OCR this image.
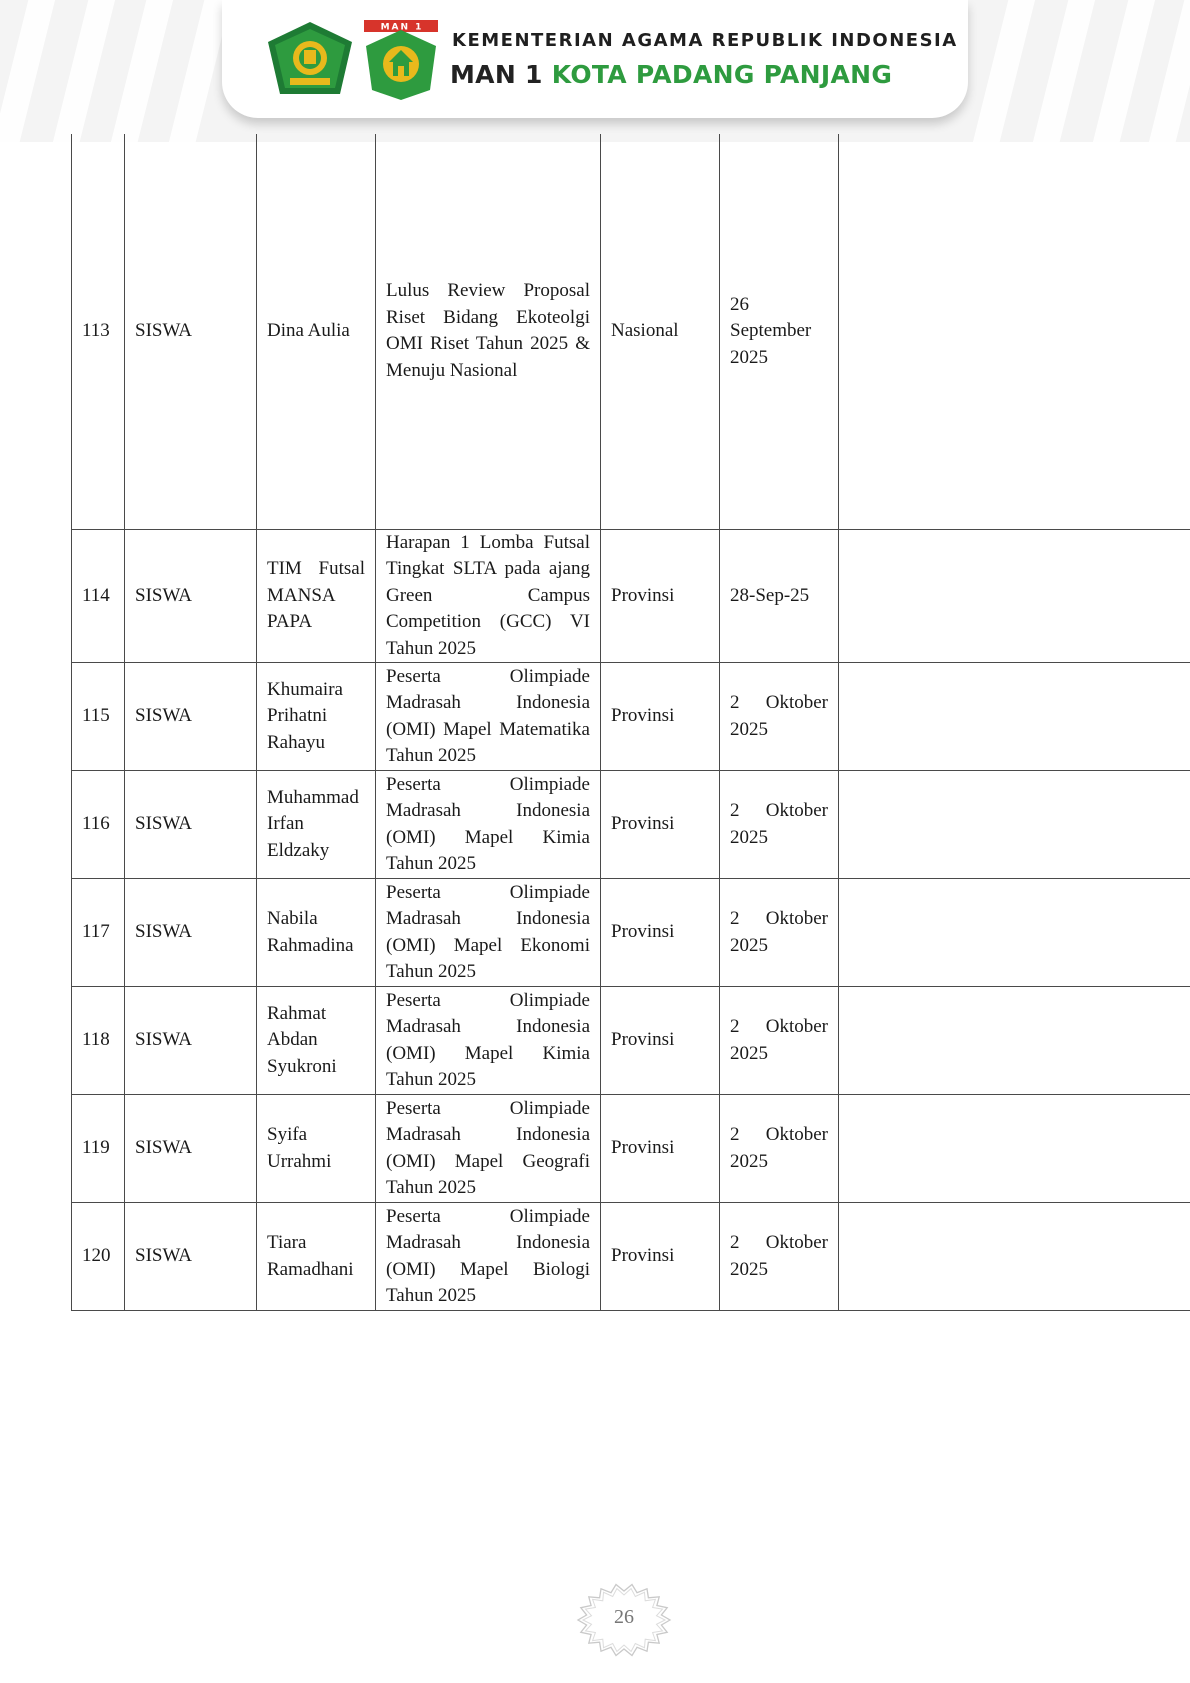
MAN 1
KEMENTERIAN AGAMA REPUBLIK INDONESIA
MAN 1 KOTA PADANG PANJANG
113	SISWA	Dina Aulia	Lulus Review Proposal Riset Bidang Ekoteolgi OMI Riset Tahun 2025 & Menuju Nasional	Nasional	26 September 2025	
114	SISWA	TIM Futsal MANSA PAPA	Harapan 1 Lomba Futsal Tingkat SLTA pada ajang Green Campus Competition (GCC) VI Tahun 2025	Provinsi	28-Sep-25	
115	SISWA	Khumaira Prihatni Rahayu	Peserta Olimpiade Madrasah Indonesia (OMI) Mapel Matematika Tahun 2025	Provinsi	2 Oktober 2025	
116	SISWA	Muhammad Irfan Eldzaky	Peserta Olimpiade Madrasah Indonesia (OMI) Mapel Kimia Tahun 2025	Provinsi	2 Oktober 2025	
117	SISWA	Nabila Rahmadina	Peserta Olimpiade Madrasah Indonesia (OMI) Mapel Ekonomi Tahun 2025	Provinsi	2 Oktober 2025	
118	SISWA	Rahmat Abdan Syukroni	Peserta Olimpiade Madrasah Indonesia (OMI) Mapel Kimia Tahun 2025	Provinsi	2 Oktober 2025	
119	SISWA	Syifa Urrahmi	Peserta Olimpiade Madrasah Indonesia (OMI) Mapel Geografi Tahun 2025	Provinsi	2 Oktober 2025	
120	SISWA	Tiara Ramadhani	Peserta Olimpiade Madrasah Indonesia (OMI) Mapel Biologi Tahun 2025	Provinsi	2 Oktober 2025	
26
